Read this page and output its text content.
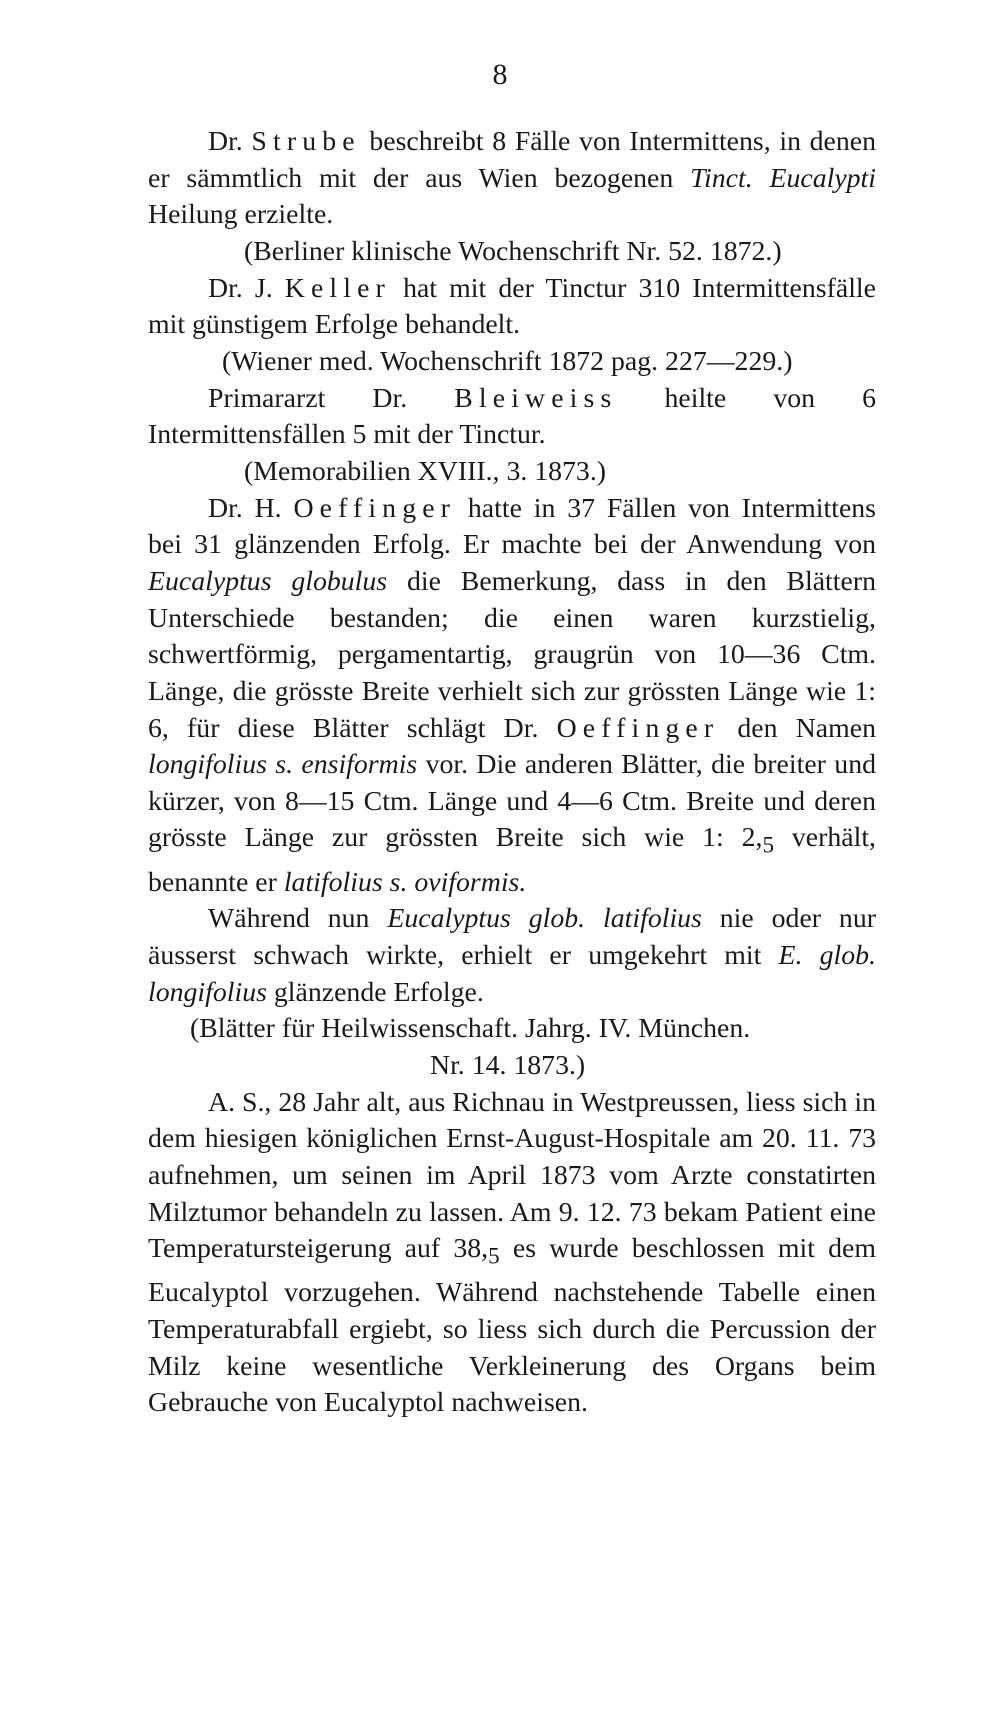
8

Dr. Strube beschreibt 8 Fälle von Intermittens, in denen er sämmtlich mit der aus Wien bezogenen Tinct. Eucalypti Heilung erzielte.

(Berliner klinische Wochenschrift Nr. 52. 1872.)

Dr. J. Keller hat mit der Tinctur 310 Intermittensfälle mit günstigem Erfolge behandelt.

(Wiener med. Wochenschrift 1872 pag. 227—229.)

Primararzt Dr. Bleiweiss heilte von 6 Intermittensfällen 5 mit der Tinctur.

(Memorabilien XVIII., 3. 1873.)

Dr. H. Oeffinger hatte in 37 Fällen von Intermittens bei 31 glänzenden Erfolg. Er machte bei der Anwendung von Eucalyptus globulus die Bemerkung, dass in den Blättern Unterschiede bestanden; die einen waren kurzstielig, schwertförmig, pergamentartig, graugrün von 10—36 Ctm. Länge, die grösste Breite verhielt sich zur grössten Länge wie 1: 6, für diese Blätter schlägt Dr. Oeffinger den Namen longifolius s. ensiformis vor. Die anderen Blätter, die breiter und kürzer, von 8—15 Ctm. Länge und 4—6 Ctm. Breite und deren grösste Länge zur grössten Breite sich wie 1: $2,_5$ verhält, benannte er latifolius s. oviformis.

Während nun Eucalyptus glob. latifolius nie oder nur äusserst schwach wirkte, erhielt er umgekehrt mit E. glob. longifolius glänzende Erfolge.

(Blätter für Heilwissenschaft. Jahrg. IV. München.

Nr. 14. 1873.)

A. S., 28 Jahr alt, aus Richnau in Westpreussen, liess sich in dem hiesigen königlichen Ernst-August-Hospitale am 20. 11. 73 aufnehmen, um seinen im April 1873 vom Arzte constatirten Milztumor behandeln zu lassen. Am 9. 12. 73 bekam Patient eine Temperatursteigerung auf $38,_5$ es wurde beschlossen mit dem Eucalyptol vorzugehen. Während nachstehende Tabelle einen Temperaturabfall ergiebt, so liess sich durch die Percussion der Milz keine wesentliche Verkleinerung des Organs beim Gebrauche von Eucalyptol nachweisen.
